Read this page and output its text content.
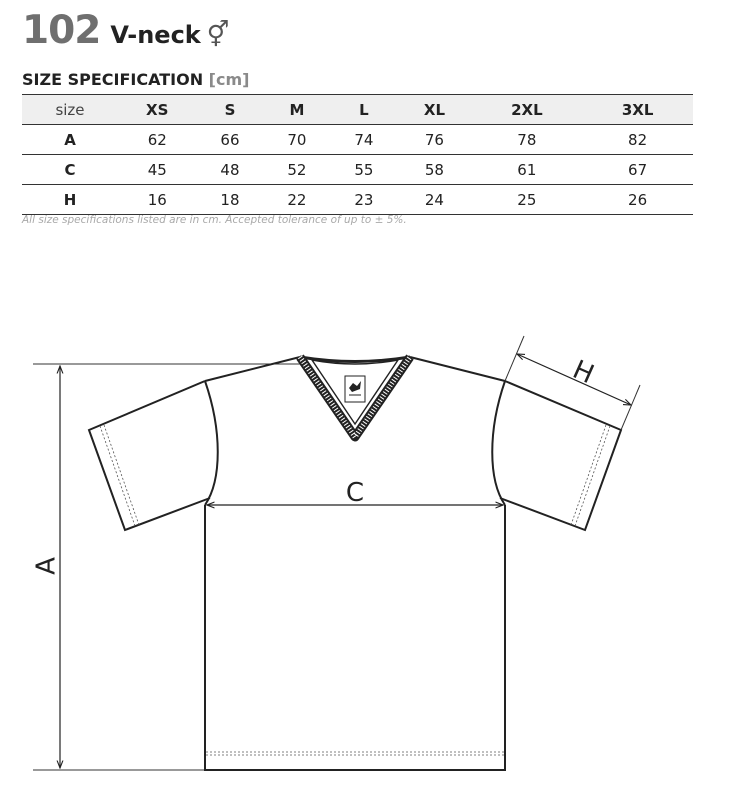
102 V-neck ⚥
SIZE SPECIFICATION [cm]
size	XS	S	M	L	XL	2XL	3XL
A	62	66	70	74	76	78	82
C	45	48	52	55	58	61	67
H	16	18	22	23	24	25	26
All size specifications listed are in cm. Accepted tolerance of up to ± 5%.
A
C
H
